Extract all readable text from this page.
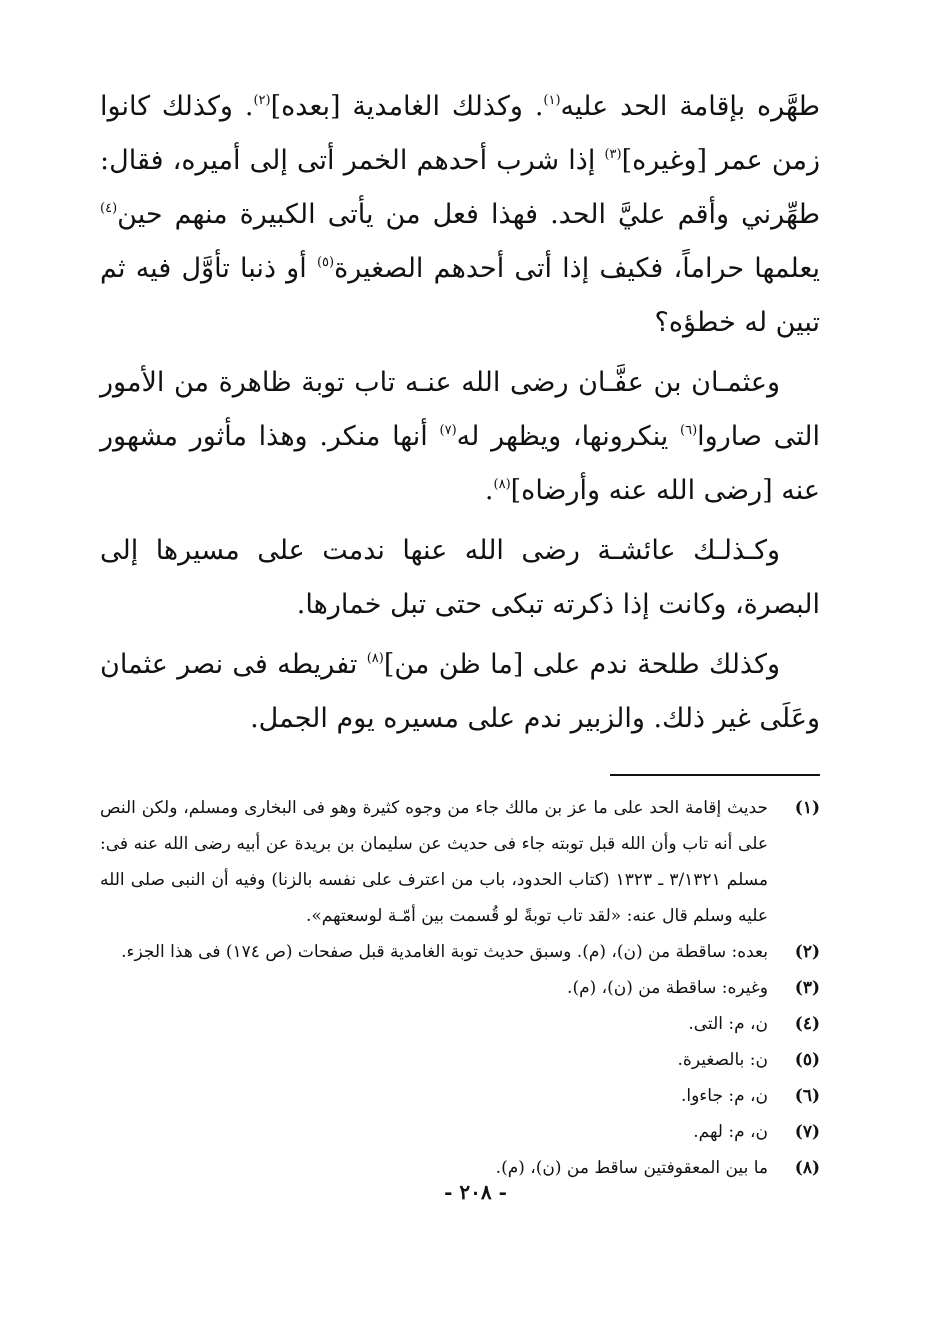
طهَّره بإقامة الحد عليه$^{(١)}$. وكذلك الغامدية [بعده]$^{(٢)}$. وكذلك كانوا زمن عمر [وغيره]$^{(٣)}$ إذا شرب أحدهم الخمر أتى إلى أميره، فقال: طهِّرني وأقم عليَّ الحد. فهذا فعل من يأتى الكبيرة منهم حين$^{(٤)}$ يعلمها حراماً، فكيف إذا أتى أحدهم الصغيرة$^{(٥)}$ أو ذنبا تأوَّل فيه ثم تبين له خطؤه؟

وعثمـان بن عفَّـان رضى الله عنـه تاب توبة ظاهرة من الأمور التى صاروا$^{(٦)}$ ينكرونها، ويظهر له$^{(٧)}$ أنها منكر. وهذا مأثور مشهور عنه [رضى الله عنه وأرضاه]$^{(٨)}$.

وكـذلـك عائشـة رضى الله عنها ندمت على مسيرها إلى البصرة، وكانت إذا ذكرته تبكى حتى تبل خمارها.

وكذلك طلحة ندم على [ما ظن من]$^{(٨)}$ تفريطه فى نصر عثمان وعَلَى غير ذلك. والزبير ندم على مسيره يوم الجمل.

(١)
حديث إقامة الحد على ما عز بن مالك جاء من وجوه كثيرة وهو فى البخارى ومسلم، ولكن النص على أنه تاب وأن الله قبل توبته جاء فى حديث عن سليمان بن بريدة عن أبيه رضى الله عنه فى: مسلم ٣/١٣٢١ ـ ١٣٢٣ (كتاب الحدود، باب من اعترف على نفسه بالزنا) وفيه أن النبى صلى الله عليه وسلم قال عنه: «لقد تاب توبةً لو قُسمت بين أمّـة لوسعتهم».
(٢)
بعده: ساقطة من (ن)، (م). وسبق حديث توبة الغامدية قبل صفحات (ص ١٧٤) فى هذا الجزء.
(٣)
وغيره: ساقطة من (ن)، (م).
(٤)
ن، م: التى.
(٥)
ن: بالصغيرة.
(٦)
ن، م: جاءوا.
(٧)
ن، م: لهم.
(٨)
ما بين المعقوفتين ساقط من (ن)، (م).
- ٢٠٨ -
